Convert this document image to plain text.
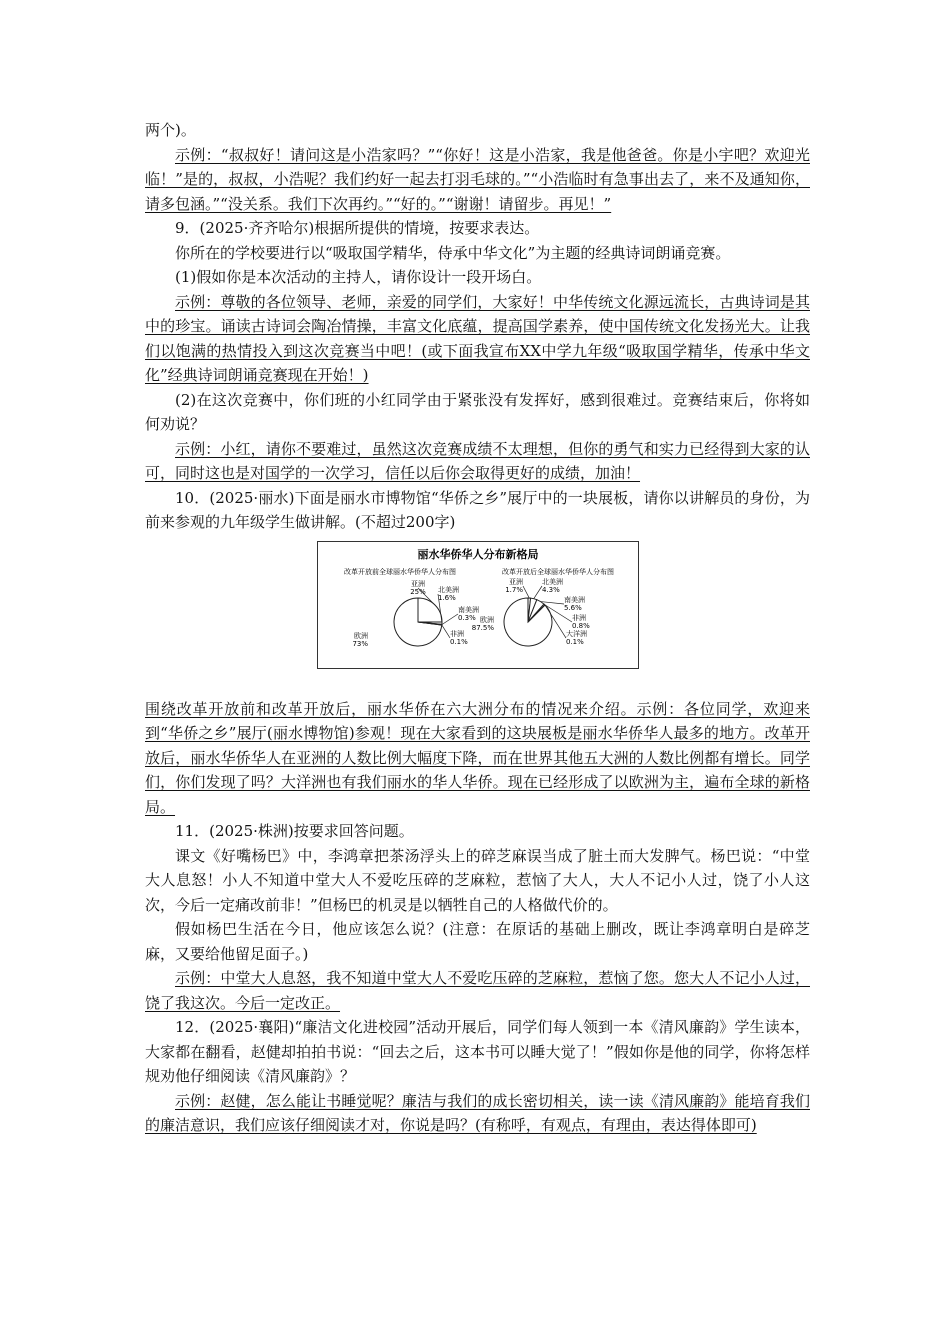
两个)。

示例：“叔叔好！请问这是小浩家吗？”“你好！这是小浩家，我是他爸爸。你是小宇吧？欢迎光临！”是的，叔叔，小浩呢？我们约好一起去打羽毛球的。”“小浩临时有急事出去了，来不及通知你，请多包涵。”“没关系。我们下次再约。”“好的。”“谢谢！请留步。再见！”

9．(2025·齐齐哈尔)根据所提供的情境，按要求表达。

你所在的学校要进行以“吸取国学精华，侍承中华文化”为主题的经典诗词朗诵竞赛。

(1)假如你是本次活动的主持人，请你设计一段开场白。

示例：尊敬的各位领导、老师，亲爱的同学们，大家好！中华传统文化源远流长，古典诗词是其中的珍宝。诵读古诗词会陶冶情操，丰富文化底蕴，提高国学素养，使中国传统文化发扬光大。让我们以饱满的热情投入到这次竞赛当中吧！(或下面我宣布XX中学九年级“吸取国学精华，传承中华文化”经典诗词朗诵竞赛现在开始！)

(2)在这次竞赛中，你们班的小红同学由于紧张没有发挥好，感到很难过。竞赛结束后，你将如何劝说？

示例：小红，请你不要难过，虽然这次竞赛成绩不太理想，但你的勇气和实力已经得到大家的认可，同时这也是对国学的一次学习，信任以后你会取得更好的成绩，加油！

10．(2025·丽水)下面是丽水市博物馆“华侨之乡”展厅中的一块展板，请你以讲解员的身份，为前来参观的九年级学生做讲解。(不超过200字)

丽水华侨华人分布新格局
改革开放前全球丽水华侨华人分布图	改革开放后全球丽水华侨华人分布图
欧洲
73%
亚洲
25% 北美洲
1.6%
南美洲
0.3%
非洲
0.1%
欧洲
87.5%
亚洲
1.7%
北美洲
4.3%
南美洲
5.6%
非洲
0.8%
大洋洲
0.1%

围绕改革开放前和改革开放后，丽水华侨在六大洲分布的情况来介绍。示例：各位同学，欢迎来到“华侨之乡”展厅(丽水博物馆)参观！现在大家看到的这块展板是丽水华侨华人最多的地方。改革开放后，丽水华侨华人在亚洲的人数比例大幅度下降，而在世界其他五大洲的人数比例都有增长。同学们，你们发现了吗？大洋洲也有我们丽水的华人华侨。现在已经形成了以欧洲为主，遍布全球的新格局。

11．(2025·株洲)按要求回答问题。

课文《好嘴杨巴》中，李鸿章把茶汤浮头上的碎芝麻误当成了脏土而大发脾气。杨巴说：“中堂大人息怒！小人不知道中堂大人不爱吃压碎的芝麻粒，惹恼了大人，大人不记小人过，饶了小人这次，今后一定痛改前非！”但杨巴的机灵是以牺牲自己的人格做代价的。

假如杨巴生活在今日，他应该怎么说？(注意：在原话的基础上删改，既让李鸿章明白是碎芝麻，又要给他留足面子。)

示例：中堂大人息怒，我不知道中堂大人不爱吃压碎的芝麻粒，惹恼了您。您大人不记小人过，饶了我这次。今后一定改正。

12．(2025·襄阳)“廉洁文化进校园”活动开展后，同学们每人领到一本《清风廉韵》学生读本，大家都在翻看，赵健却拍拍书说：“回去之后，这本书可以睡大觉了！”假如你是他的同学，你将怎样规劝他仔细阅读《清风廉韵》？

示例：赵健，怎么能让书睡觉呢？廉洁与我们的成长密切相关，读一读《清风廉韵》能培育我们的廉洁意识，我们应该仔细阅读才对，你说是吗？(有称呼，有观点，有理由，表达得体即可)
